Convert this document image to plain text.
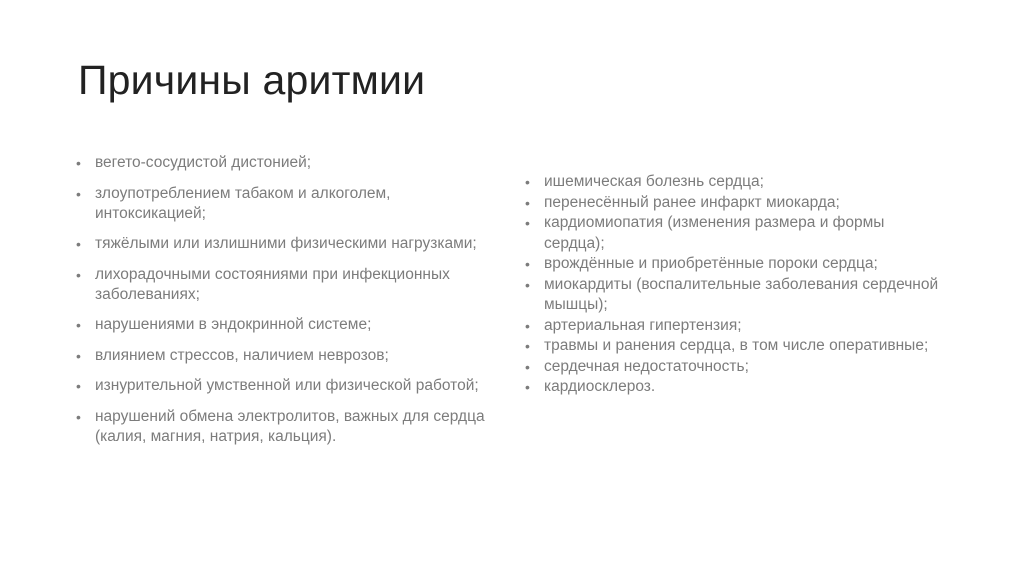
Причины аритмии
• вегето-сосудистой дистонией;
• злоупотреблением табаком и алкоголем, интоксикацией;
• тяжёлыми или излишними физическими нагрузками;
• лихорадочными состояниями при инфекционных заболеваниях;
• нарушениями в эндокринной системе;
• влиянием стрессов, наличием неврозов;
• изнурительной умственной или физической работой;
• нарушений обмена электролитов, важных для сердца (калия, магния, натрия, кальция).
• ишемическая болезнь сердца;
• перенесённый ранее инфаркт миокарда;
• кардиомиопатия (изменения размера и формы сердца);
• врождённые и приобретённые пороки сердца;
• миокардиты (воспалительные заболевания сердечной мышцы);
• артериальная гипертензия;
• травмы и ранения сердца, в том числе оперативные;
• сердечная недостаточность;
• кардиосклероз.
